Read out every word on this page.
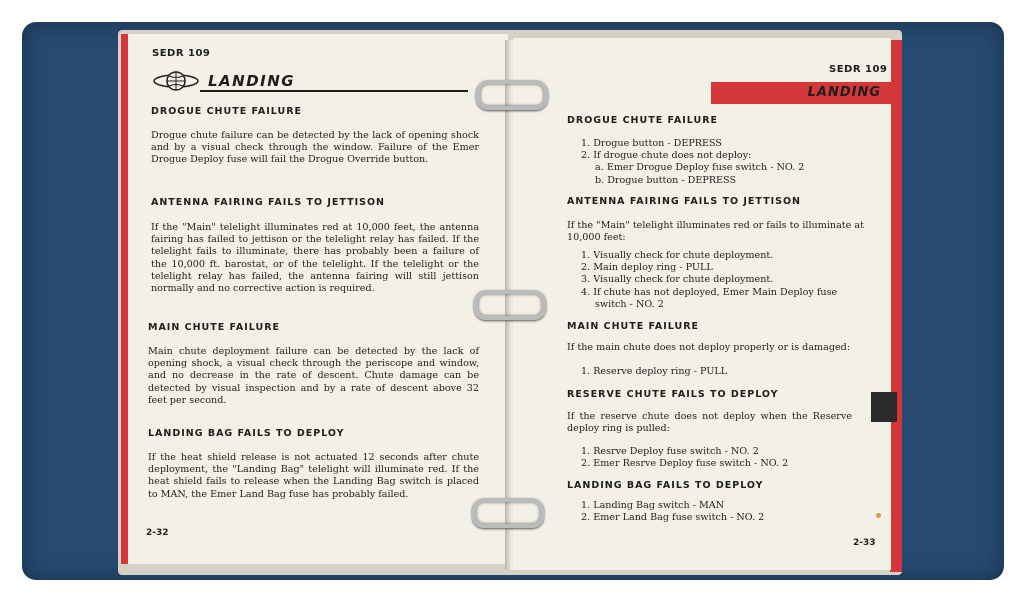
SEDR 109
LANDING
DROGUE CHUTE FAILURE
Drogue chute failure can be detected by the lack of opening shock and by a visual check through the window. Failure of the Emer Drogue Deploy fuse will fail the Drogue Override button.
ANTENNA FAIRING FAILS TO JETTISON
If the "Main" telelight illuminates red at 10,000 feet, the antenna fairing has failed to jettison or the telelight relay has failed. If the telelight fails to illuminate, there has probably been a failure of the 10,000 ft. barostat, or of the telelight. If the telelight or the telelight relay has failed, the antenna fairing will still jettison normally and no corrective action is required.
MAIN CHUTE FAILURE
Main chute deployment failure can be detected by the lack of opening shock, a visual check through the periscope and window, and no decrease in the rate of descent. Chute damage can be detected by visual inspection and by a rate of descent above 32 feet per second.
LANDING BAG FAILS TO DEPLOY
If the heat shield release is not actuated 12 seconds after chute deployment, the "Landing Bag" telelight will illuminate red. If the heat shield fails to release when the Landing Bag switch is placed to MAN, the Emer Land Bag fuse has probably failed.
2-32
SEDR 109
DROGUE CHUTE FAILURE
1. Drogue button - DEPRESS
2. If drogue chute does not deploy:
a. Emer Drogue Deploy fuse switch - NO. 2
b. Drogue button - DEPRESS
ANTENNA FAIRING FAILS TO JETTISON
If the "Main" telelight illuminates red or fails to illuminate at 10,000 feet:
1. Visually check for chute deployment.
2. Main deploy ring - PULL
3. Visually check for chute deployment.
4. If chute has not deployed, Emer Main Deploy fuse
switch - NO. 2
MAIN CHUTE FAILURE
If the main chute does not deploy properly or is damaged:
1. Reserve deploy ring - PULL
RESERVE CHUTE FAILS TO DEPLOY
If the reserve chute does not deploy when the Reserve deploy ring is pulled:
1. Resrve Deploy fuse switch - NO. 2
2. Emer Resrve Deploy fuse switch - NO. 2
LANDING BAG FAILS TO DEPLOY
1. Landing Bag switch - MAN
2. Emer Land Bag fuse switch - NO. 2
2-33
LANDING
